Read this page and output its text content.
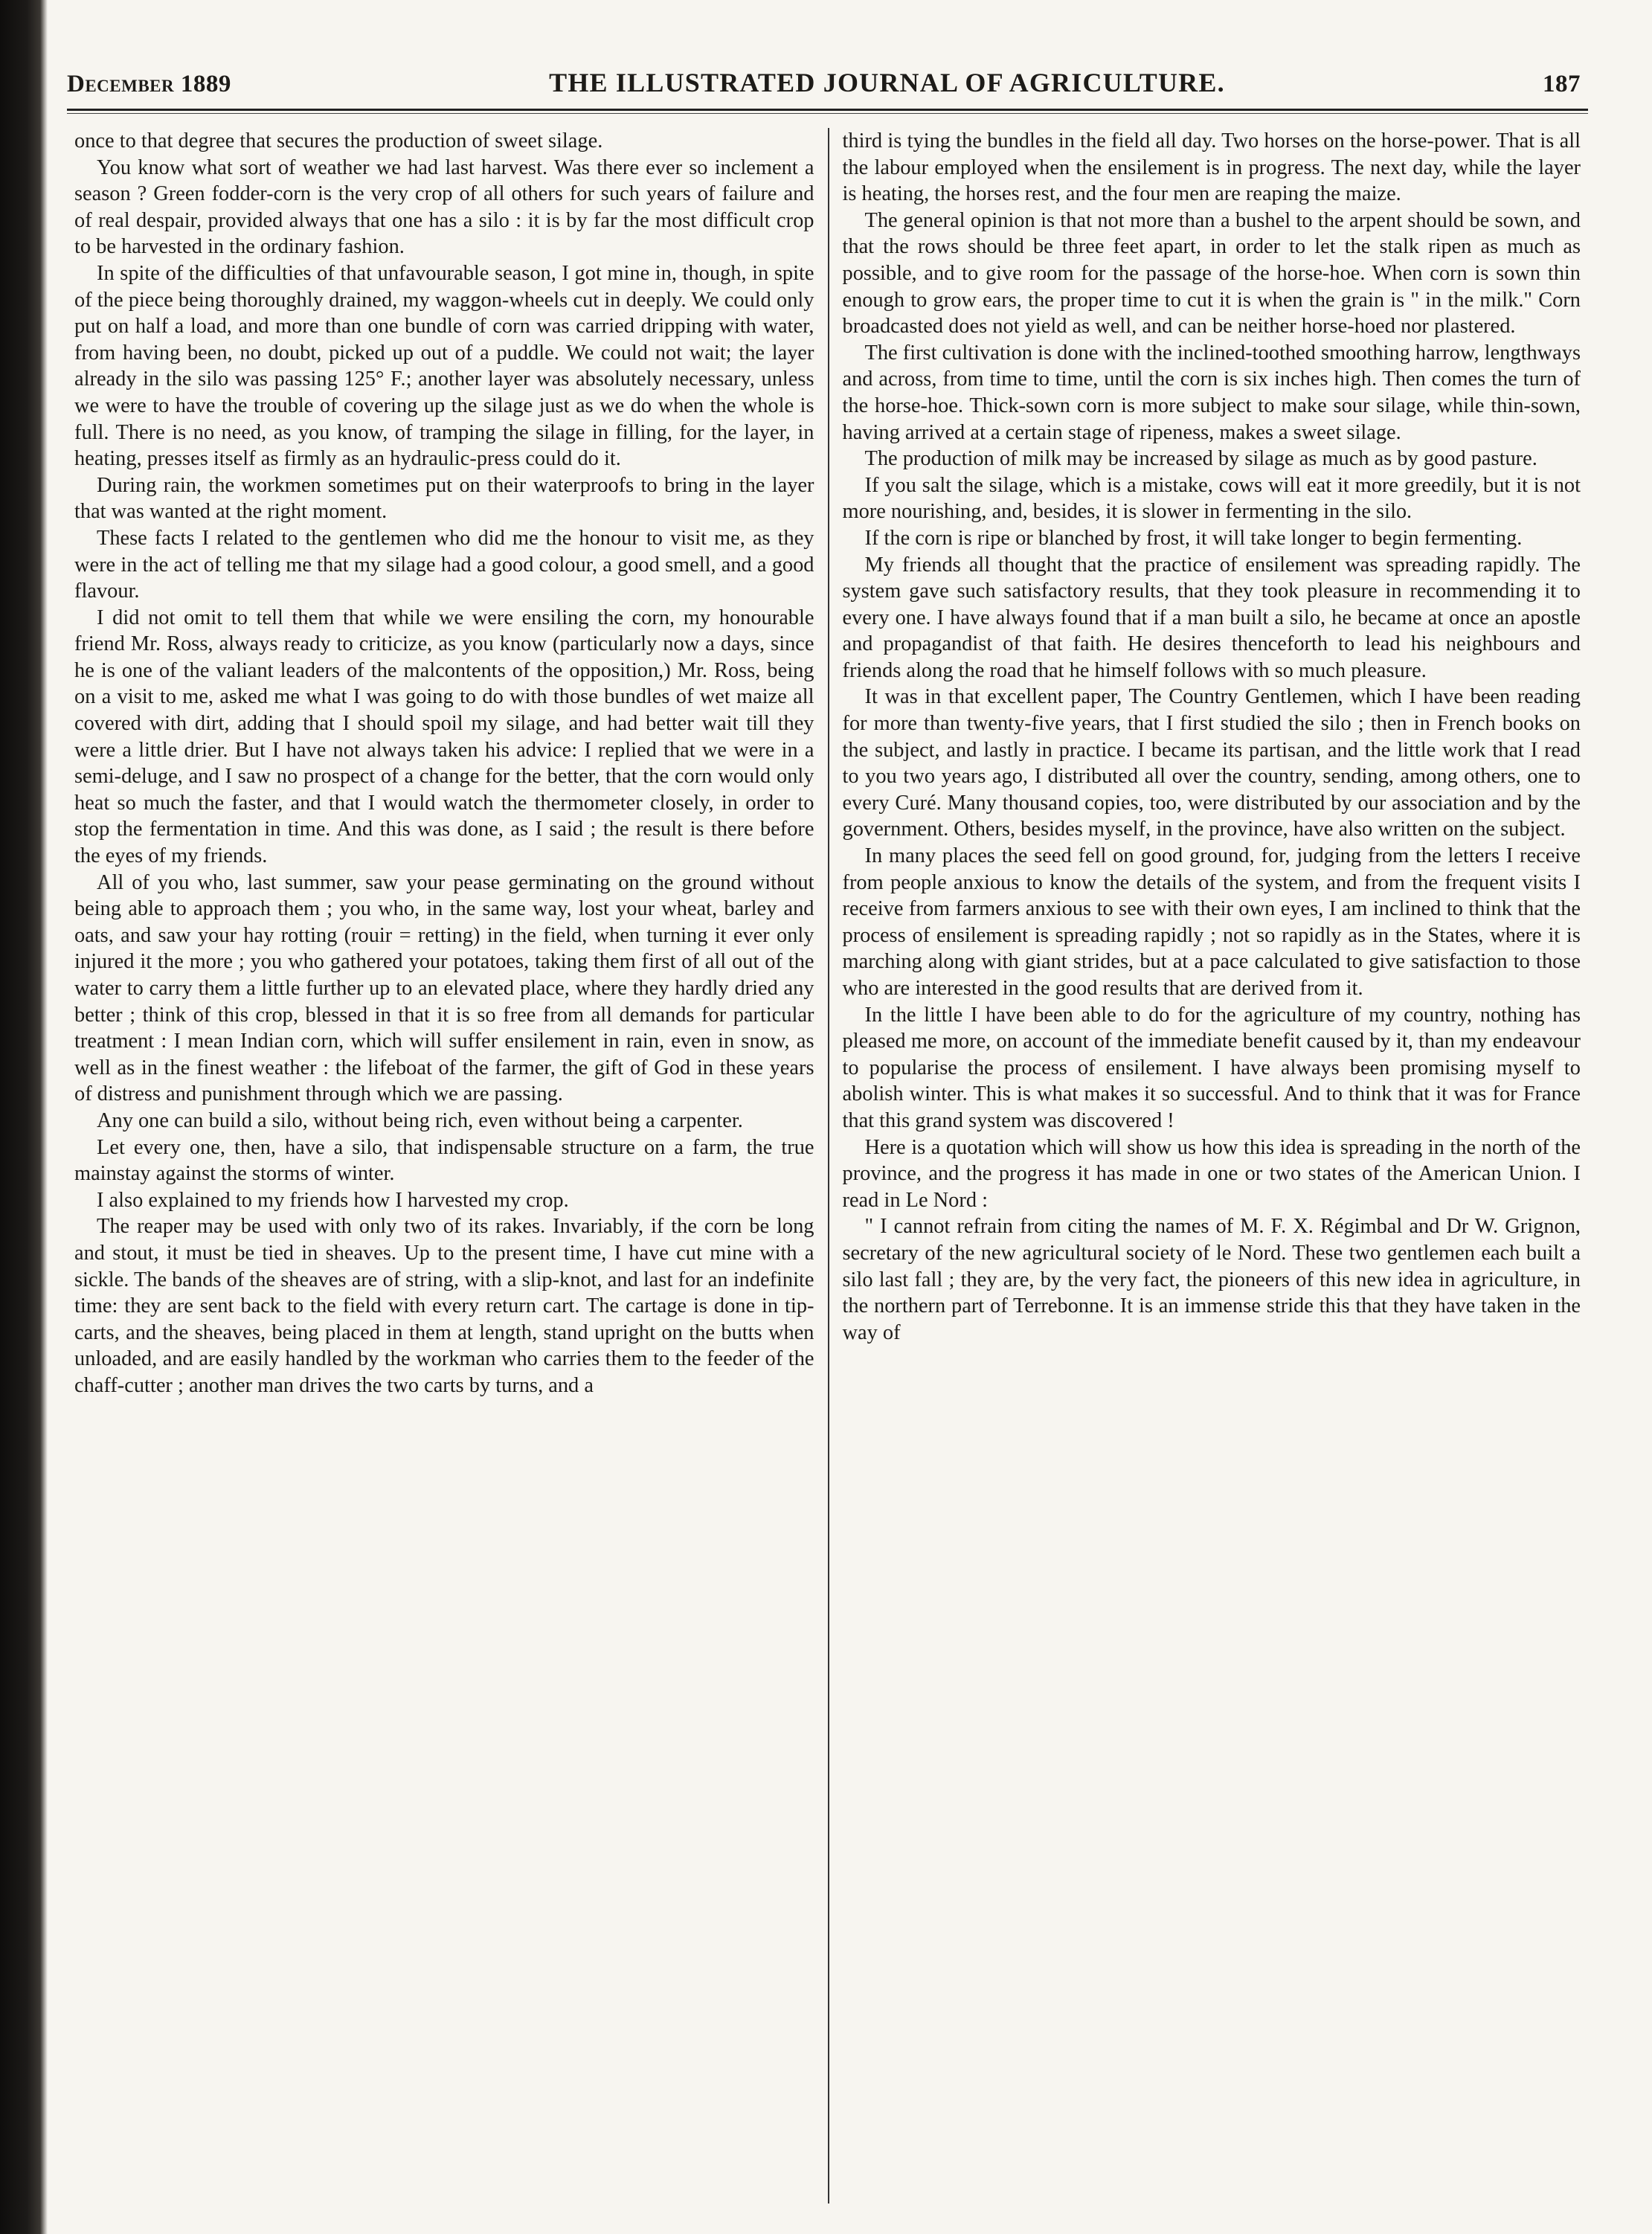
December 1889	THE ILLUSTRATED JOURNAL OF AGRICULTURE.	187

once to that degree that secures the production of sweet silage.

You know what sort of weather we had last harvest. Was there ever so inclement a season ? Green fodder-corn is the very crop of all others for such years of failure and of real despair, provided always that one has a silo : it is by far the most difficult crop to be harvested in the ordinary fashion.

In spite of the difficulties of that unfavourable season, I got mine in, though, in spite of the piece being thoroughly drained, my waggon-wheels cut in deeply. We could only put on half a load, and more than one bundle of corn was carried dripping with water, from having been, no doubt, picked up out of a puddle. We could not wait; the layer already in the silo was passing 125° F.; another layer was absolutely necessary, unless we were to have the trouble of covering up the silage just as we do when the whole is full. There is no need, as you know, of tramping the silage in filling, for the layer, in heating, presses itself as firmly as an hydraulic-press could do it.

During rain, the workmen sometimes put on their waterproofs to bring in the layer that was wanted at the right moment.

These facts I related to the gentlemen who did me the honour to visit me, as they were in the act of telling me that my silage had a good colour, a good smell, and a good flavour.

I did not omit to tell them that while we were ensiling the corn, my honourable friend Mr. Ross, always ready to criticize, as you know (particularly now a days, since he is one of the valiant leaders of the malcontents of the opposition,) Mr. Ross, being on a visit to me, asked me what I was going to do with those bundles of wet maize all covered with dirt, adding that I should spoil my silage, and had better wait till they were a little drier. But I have not always taken his advice: I replied that we were in a semi-deluge, and I saw no prospect of a change for the better, that the corn would only heat so much the faster, and that I would watch the thermometer closely, in order to stop the fermentation in time. And this was done, as I said ; the result is there before the eyes of my friends.

All of you who, last summer, saw your pease germinating on the ground without being able to approach them ; you who, in the same way, lost your wheat, barley and oats, and saw your hay rotting (rouir = retting) in the field, when turning it ever only injured it the more ; you who gathered your potatoes, taking them first of all out of the water to carry them a little further up to an elevated place, where they hardly dried any better ; think of this crop, blessed in that it is so free from all demands for particular treatment : I mean Indian corn, which will suffer ensilement in rain, even in snow, as well as in the finest weather : the lifeboat of the farmer, the gift of God in these years of distress and punishment through which we are passing.

Any one can build a silo, without being rich, even without being a carpenter.

Let every one, then, have a silo, that indispensable structure on a farm, the true mainstay against the storms of winter.

I also explained to my friends how I harvested my crop.

The reaper may be used with only two of its rakes. Invariably, if the corn be long and stout, it must be tied in sheaves. Up to the present time, I have cut mine with a sickle. The bands of the sheaves are of string, with a slip-knot, and last for an indefinite time: they are sent back to the field with every return cart. The cartage is done in tip-carts, and the sheaves, being placed in them at length, stand upright on the butts when unloaded, and are easily handled by the workman who carries them to the feeder of the chaff-cutter ; another man drives the two carts by turns, and a

third is tying the bundles in the field all day. Two horses on the horse-power. That is all the labour employed when the ensilement is in progress. The next day, while the layer is heating, the horses rest, and the four men are reaping the maize.

The general opinion is that not more than a bushel to the arpent should be sown, and that the rows should be three feet apart, in order to let the stalk ripen as much as possible, and to give room for the passage of the horse-hoe. When corn is sown thin enough to grow ears, the proper time to cut it is when the grain is " in the milk." Corn broadcasted does not yield as well, and can be neither horse-hoed nor plastered.

The first cultivation is done with the inclined-toothed smoothing harrow, lengthways and across, from time to time, until the corn is six inches high. Then comes the turn of the horse-hoe. Thick-sown corn is more subject to make sour silage, while thin-sown, having arrived at a certain stage of ripeness, makes a sweet silage.

The production of milk may be increased by silage as much as by good pasture.

If you salt the silage, which is a mistake, cows will eat it more greedily, but it is not more nourishing, and, besides, it is slower in fermenting in the silo.

If the corn is ripe or blanched by frost, it will take longer to begin fermenting.

My friends all thought that the practice of ensilement was spreading rapidly. The system gave such satisfactory results, that they took pleasure in recommending it to every one. I have always found that if a man built a silo, he became at once an apostle and propagandist of that faith. He desires thenceforth to lead his neighbours and friends along the road that he himself follows with so much pleasure.

It was in that excellent paper, The Country Gentlemen, which I have been reading for more than twenty-five years, that I first studied the silo ; then in French books on the subject, and lastly in practice. I became its partisan, and the little work that I read to you two years ago, I distributed all over the country, sending, among others, one to every Curé. Many thousand copies, too, were distributed by our association and by the government. Others, besides myself, in the province, have also written on the subject.

In many places the seed fell on good ground, for, judging from the letters I receive from people anxious to know the details of the system, and from the frequent visits I receive from farmers anxious to see with their own eyes, I am inclined to think that the process of ensilement is spreading rapidly ; not so rapidly as in the States, where it is marching along with giant strides, but at a pace calculated to give satisfaction to those who are interested in the good results that are derived from it.

In the little I have been able to do for the agriculture of my country, nothing has pleased me more, on account of the immediate benefit caused by it, than my endeavour to popularise the process of ensilement. I have always been promising myself to abolish winter. This is what makes it so successful. And to think that it was for France that this grand system was discovered !

Here is a quotation which will show us how this idea is spreading in the north of the province, and the progress it has made in one or two states of the American Union. I read in Le Nord :

" I cannot refrain from citing the names of M. F. X. Régimbal and Dr W. Grignon, secretary of the new agricultural society of le Nord. These two gentlemen each built a silo last fall ; they are, by the very fact, the pioneers of this new idea in agriculture, in the northern part of Terrebonne. It is an immense stride this that they have taken in the way of
